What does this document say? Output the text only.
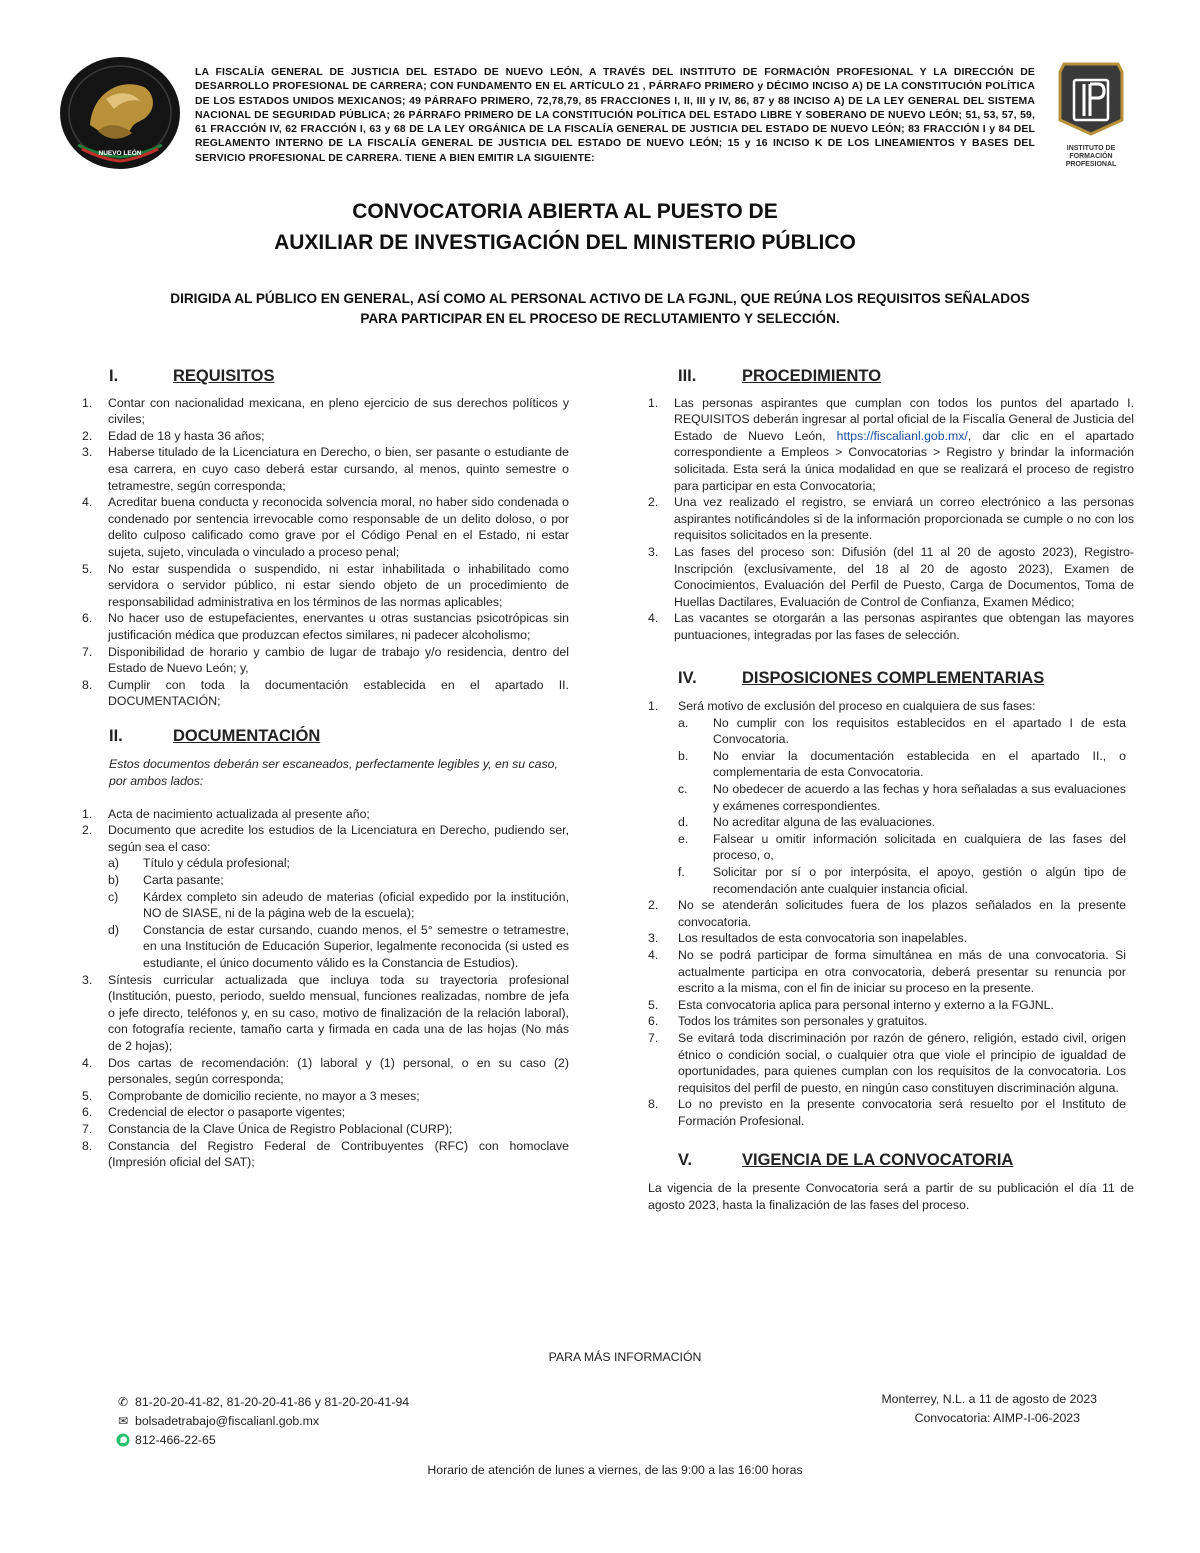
NUEVO LEÓN
LA FISCALÍA GENERAL DE JUSTICIA DEL ESTADO DE NUEVO LEÓN, A TRAVÉS DEL INSTITUTO DE FORMACIÓN PROFESIONAL Y LA DIRECCIÓN DE DESARROLLO PROFESIONAL DE CARRERA; CON FUNDAMENTO EN EL ARTÍCULO 21 , PÁRRAFO PRIMERO y DÉCIMO INCISO A) DE LA CONSTITUCIÓN POLÍTICA DE LOS ESTADOS UNIDOS MEXICANOS; 49 PÁRRAFO PRIMERO, 72,78,79, 85 FRACCIONES I, II, III y IV, 86, 87 y 88 INCISO A) DE LA LEY GENERAL DEL SISTEMA NACIONAL DE SEGURIDAD PÚBLICA; 26 PÁRRAFO PRIMERO DE LA CONSTITUCIÓN POLÍTICA DEL ESTADO LIBRE Y SOBERANO DE NUEVO LEÓN; 51, 53, 57, 59, 61 FRACCIÓN IV, 62 FRACCIÓN I, 63 y 68 DE LA LEY ORGÁNICA DE LA FISCALÍA GENERAL DE JUSTICIA DEL ESTADO DE NUEVO LEÓN; 83 FRACCIÓN I y 84 DEL REGLAMENTO INTERNO DE LA FISCALÍA GENERAL DE JUSTICIA DEL ESTADO DE NUEVO LEÓN; 15 y 16 INCISO K DE LOS LINEAMIENTOS Y BASES DEL SERVICIO PROFESIONAL DE CARRERA. TIENE A BIEN EMITIR LA SIGUIENTE:
INSTITUTO DE FORMACIÓN PROFESIONAL
CONVOCATORIA ABIERTA AL PUESTO DE
AUXILIAR DE INVESTIGACIÓN DEL MINISTERIO PÚBLICO
DIRIGIDA AL PÚBLICO EN GENERAL, ASÍ COMO AL PERSONAL ACTIVO DE LA FGJNL, QUE REÚNA LOS REQUISITOS SEÑALADOS
PARA PARTICIPAR EN EL PROCESO DE RECLUTAMIENTO Y SELECCIÓN.
I.	REQUISITOS
1.	Contar con nacionalidad mexicana, en pleno ejercicio de sus derechos políticos y civiles;
2.	Edad de 18 y hasta 36 años;
3.	Haberse titulado de la Licenciatura en Derecho, o bien, ser pasante o estudiante de esa carrera, en cuyo caso deberá estar cursando, al menos, quinto semestre o tetramestre, según corresponda;
4.	Acreditar buena conducta y reconocida solvencia moral, no haber sido condenada o condenado por sentencia irrevocable como responsable de un delito doloso, o por delito culposo calificado como grave por el Código Penal en el Estado, ni estar sujeta, sujeto, vinculada o vinculado a proceso penal;
5.	No estar suspendida o suspendido, ni estar inhabilitada o inhabilitado como servidora o servidor público, ni estar siendo objeto de un procedimiento de responsabilidad administrativa en los términos de las normas aplicables;
6.	No hacer uso de estupefacientes, enervantes u otras sustancias psicotrópicas sin justificación médica que produzcan efectos similares, ni padecer alcoholismo;
7.	Disponibilidad de horario y cambio de lugar de trabajo y/o residencia, dentro del Estado de Nuevo León; y,
8.	Cumplir con toda la documentación establecida en el apartado II. DOCUMENTACIÓN;
II.	DOCUMENTACIÓN
Estos documentos deberán ser escaneados, perfectamente legibles y, en su caso, por ambos lados:
1.	Acta de nacimiento actualizada al presente año;
2.	Documento que acredite los estudios de la Licenciatura en Derecho, pudiendo ser, según sea el caso:
a)	Título y cédula profesional;
b)	Carta pasante;
c)	Kárdex completo sin adeudo de materias (oficial expedido por la institución, NO de SIASE, ni de la página web de la escuela);
d)	Constancia de estar cursando, cuando menos, el 5° semestre o tetramestre, en una Institución de Educación Superior, legalmente reconocida (si usted es estudiante, el único documento válido es la Constancia de Estudios).
3.	Síntesis curricular actualizada que incluya toda su trayectoria profesional (Institución, puesto, periodo, sueldo mensual, funciones realizadas, nombre de jefa o jefe directo, teléfonos y, en su caso, motivo de finalización de la relación laboral), con fotografía reciente, tamaño carta y firmada en cada una de las hojas (No más de 2 hojas);
4.	Dos cartas de recomendación: (1) laboral y (1) personal, o en su caso (2) personales, según corresponda;
5.	Comprobante de domicilio reciente, no mayor a 3 meses;
6.	Credencial de elector o pasaporte vigentes;
7.	Constancia de la Clave Única de Registro Poblacional (CURP);
8.	Constancia del Registro Federal de Contribuyentes (RFC) con homoclave (Impresión oficial del SAT);
III.	PROCEDIMIENTO
1.	Las personas aspirantes que cumplan con todos los puntos del apartado I. REQUISITOS deberán ingresar al portal oficial de la Fiscalía General de Justicia del Estado de Nuevo León, https://fiscalianl.gob.mx/, dar clic en el apartado correspondiente a Empleos > Convocatorias > Registro y brindar la información solicitada. Esta será la única modalidad en que se realizará el proceso de registro para participar en esta Convocatoria;
2.	Una vez realizado el registro, se enviará un correo electrónico a las personas aspirantes notificándoles si de la información proporcionada se cumple o no con los requisitos solicitados en la presente.
3.	Las fases del proceso son: Difusión (del 11 al 20 de agosto 2023), Registro-Inscripción (exclusivamente, del 18 al 20 de agosto 2023), Examen de Conocimientos, Evaluación del Perfil de Puesto, Carga de Documentos, Toma de Huellas Dactilares, Evaluación de Control de Confianza, Examen Médico;
4.	Las vacantes se otorgarán a las personas aspirantes que obtengan las mayores puntuaciones, integradas por las fases de selección.
IV.	DISPOSICIONES COMPLEMENTARIAS
1.	Será motivo de exclusión del proceso en cualquiera de sus fases:
a.	No cumplir con los requisitos establecidos en el apartado I de esta Convocatoria.
b.	No enviar la documentación establecida en el apartado II., o complementaria de esta Convocatoria.
c.	No obedecer de acuerdo a las fechas y hora señaladas a sus evaluaciones y exámenes correspondientes.
d.	No acreditar alguna de las evaluaciones.
e.	Falsear u omitir información solicitada en cualquiera de las fases del proceso, o,
f.	Solicitar por sí o por interpósita, el apoyo, gestión o algún tipo de recomendación ante cualquier instancia oficial.
2.	No se atenderán solicitudes fuera de los plazos señalados en la presente convocatoria.
3.	Los resultados de esta convocatoria son inapelables.
4.	No se podrá participar de forma simultánea en más de una convocatoria. Si actualmente participa en otra convocatoria, deberá presentar su renuncia por escrito a la misma, con el fin de iniciar su proceso en la presente.
5.	Esta convocatoria aplica para personal interno y externo a la FGJNL.
6.	Todos los trámites son personales y gratuitos.
7.	Se evitará toda discriminación por razón de género, religión, estado civil, origen étnico o condición social, o cualquier otra que viole el principio de igualdad de oportunidades, para quienes cumplan con los requisitos de la convocatoria. Los requisitos del perfil de puesto, en ningún caso constituyen discriminación alguna.
8.	Lo no previsto en la presente convocatoria será resuelto por el Instituto de Formación Profesional.
V.	VIGENCIA DE LA CONVOCATORIA
La vigencia de la presente Convocatoria será a partir de su publicación el día 11 de agosto 2023, hasta la finalización de las fases del proceso.
PARA MÁS INFORMACIÓN
✆ 81-20-20-41-82, 81-20-20-41-86 y 81-20-20-41-94
✉ bolsadetrabajo@fiscalianl.gob.mx
812-466-22-65
Monterrey, N.L. a 11 de agosto de 2023
Convocatoria: AIMP-I-06-2023
Horario de atención de lunes a viernes, de las 9:00 a las 16:00 horas
